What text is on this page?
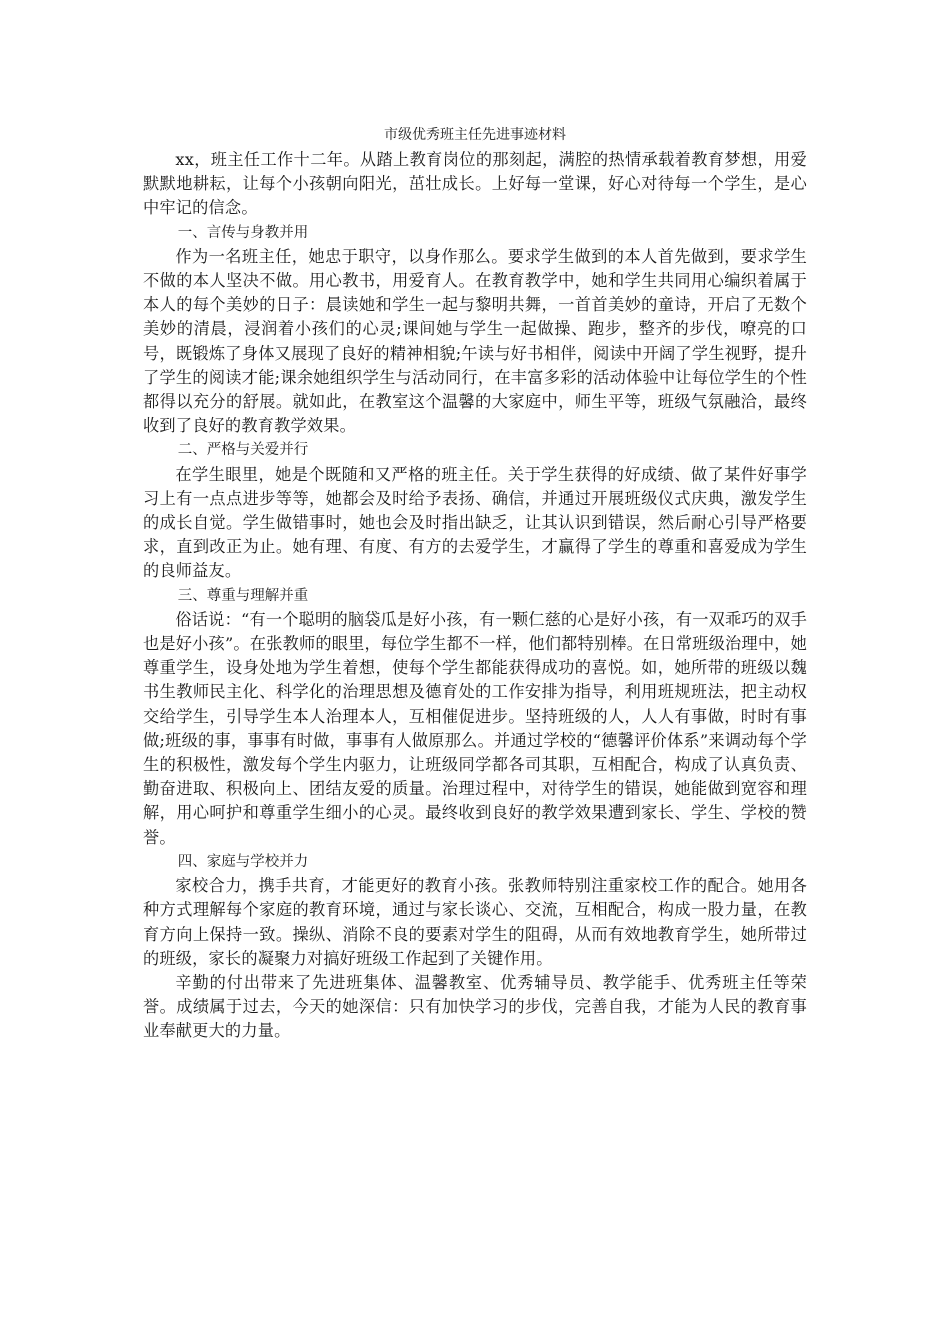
市级优秀班主任先进事迹材料

xx，班主任工作十二年。从踏上教育岗位的那刻起，满腔的热情承载着教育梦想，用爱默默地耕耘，让每个小孩朝向阳光，茁壮成长。上好每一堂课，好心对待每一个学生，是心中牢记的信念。

一、言传与身教并用

作为一名班主任，她忠于职守，以身作那么。要求学生做到的本人首先做到，要求学生不做的本人坚决不做。用心教书，用爱育人。在教育教学中，她和学生共同用心编织着属于本人的每个美妙的日子：晨读她和学生一起与黎明共舞，一首首美妙的童诗，开启了无数个美妙的清晨，浸润着小孩们的心灵;课间她与学生一起做操、跑步，整齐的步伐，嘹亮的口号，既锻炼了身体又展现了良好的精神相貌;午读与好书相伴，阅读中开阔了学生视野，提升了学生的阅读才能;课余她组织学生与活动同行，在丰富多彩的活动体验中让每位学生的个性都得以充分的舒展。就如此，在教室这个温馨的大家庭中，师生平等，班级气氛融洽，最终收到了良好的教育教学效果。

二、严格与关爱并行

在学生眼里，她是个既随和又严格的班主任。关于学生获得的好成绩、做了某件好事学习上有一点点进步等等，她都会及时给予表扬、确信，并通过开展班级仪式庆典，激发学生的成长自觉。学生做错事时，她也会及时指出缺乏，让其认识到错误，然后耐心引导严格要求，直到改正为止。她有理、有度、有方的去爱学生，才赢得了学生的尊重和喜爱成为学生的良师益友。

三、尊重与理解并重

俗话说：“有一个聪明的脑袋瓜是好小孩，有一颗仁慈的心是好小孩，有一双乖巧的双手也是好小孩”。在张教师的眼里，每位学生都不一样，他们都特别棒。在日常班级治理中，她尊重学生，设身处地为学生着想，使每个学生都能获得成功的喜悦。如，她所带的班级以魏书生教师民主化、科学化的治理思想及德育处的工作安排为指导，利用班规班法，把主动权交给学生，引导学生本人治理本人，互相催促进步。坚持班级的人，人人有事做，时时有事做;班级的事，事事有时做，事事有人做原那么。并通过学校的“德馨评价体系”来调动每个学生的积极性，激发每个学生内驱力，让班级同学都各司其职，互相配合，构成了认真负责、勤奋进取、积极向上、团结友爱的质量。治理过程中，对待学生的错误，她能做到宽容和理解，用心呵护和尊重学生细小的心灵。最终收到良好的教学效果遭到家长、学生、学校的赞誉。

四、家庭与学校并力

家校合力，携手共育，才能更好的教育小孩。张教师特别注重家校工作的配合。她用各种方式理解每个家庭的教育环境，通过与家长谈心、交流，互相配合，构成一股力量，在教育方向上保持一致。操纵、消除不良的要素对学生的阻碍，从而有效地教育学生，她所带过的班级，家长的凝聚力对搞好班级工作起到了关键作用。

辛勤的付出带来了先进班集体、温馨教室、优秀辅导员、教学能手、优秀班主任等荣誉。成绩属于过去，今天的她深信：只有加快学习的步伐，完善自我，才能为人民的教育事业奉献更大的力量。
